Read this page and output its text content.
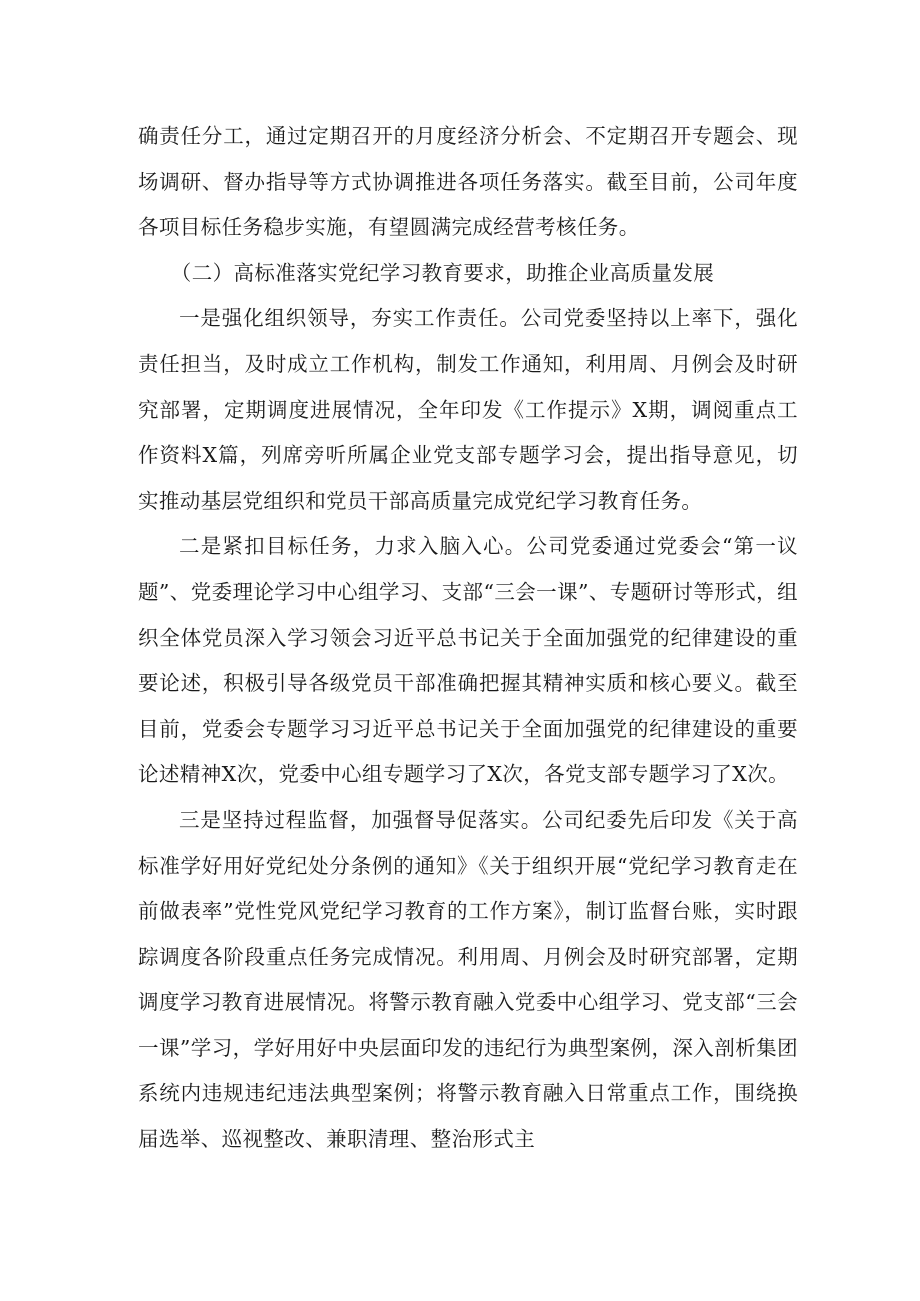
确责任分工，通过定期召开的月度经济分析会、不定期召开专题会、现场调研、督办指导等方式协调推进各项任务落实。截至目前，公司年度各项目标任务稳步实施，有望圆满完成经营考核任务。

（二）高标准落实党纪学习教育要求，助推企业高质量发展

一是强化组织领导，夯实工作责任。公司党委坚持以上率下，强化责任担当，及时成立工作机构，制发工作通知，利用周、月例会及时研究部署，定期调度进展情况，全年印发《工作提示》X期，调阅重点工作资料X篇，列席旁听所属企业党支部专题学习会，提出指导意见，切实推动基层党组织和党员干部高质量完成党纪学习教育任务。

二是紧扣目标任务，力求入脑入心。公司党委通过党委会“第一议题”、党委理论学习中心组学习、支部“三会一课”、专题研讨等形式，组织全体党员深入学习领会习近平总书记关于全面加强党的纪律建设的重要论述，积极引导各级党员干部准确把握其精神实质和核心要义。截至目前，党委会专题学习习近平总书记关于全面加强党的纪律建设的重要论述精神X次，党委中心组专题学习了X次，各党支部专题学习了X次。

三是坚持过程监督，加强督导促落实。公司纪委先后印发《关于高标准学好用好党纪处分条例的通知》《关于组织开展“党纪学习教育走在前做表率”党性党风党纪学习教育的工作方案》，制订监督台账，实时跟踪调度各阶段重点任务完成情况。利用周、月例会及时研究部署，定期调度学习教育进展情况。将警示教育融入党委中心组学习、党支部“三会一课”学习，学好用好中央层面印发的违纪行为典型案例，深入剖析集团系统内违规违纪违法典型案例；将警示教育融入日常重点工作，围绕换届选举、巡视整改、兼职清理、整治形式主
